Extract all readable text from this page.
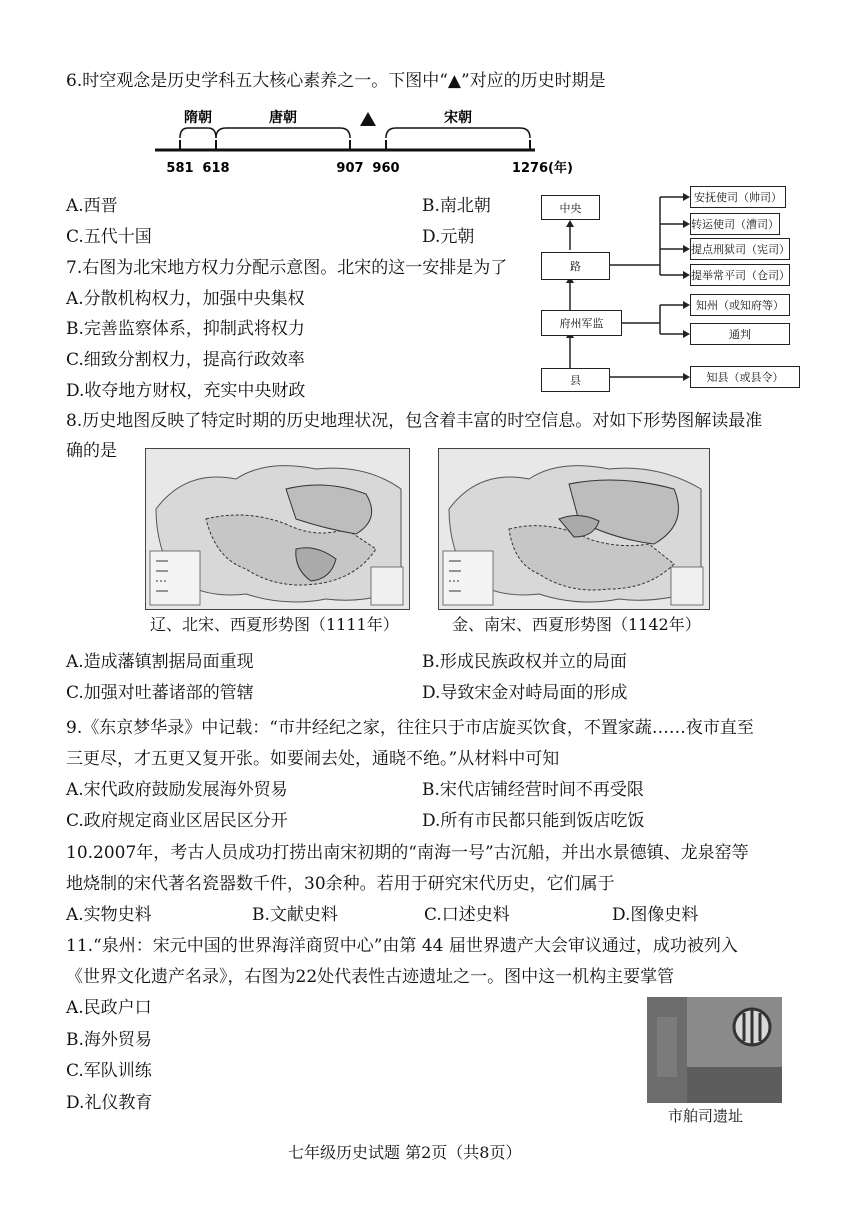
6.时空观念是历史学科五大核心素养之一。下图中“▲”对应的历史时期是
隋朝	唐朝	宋朝
581 618	907 960	1276 (年)
A.西晋	B.南北朝
C.五代十国	D.元朝
7.右图为北宋地方权力分配示意图。北宋的这一安排是为了
A.分散机构权力，加强中央集权
B.完善监察体系，抑制武将权力
C.细致分割权力，提高行政效率
D.收夺地方财权，充实中央财政
中央
路
府州军监
县
安抚使司（帅司）
转运使司（漕司）
提点刑狱司（宪司）
提举常平司（仓司）
知州（或知府等）
通判
知县（或县令）
8.历史地图反映了特定时期的历史地理状况，包含着丰富的时空信息。对如下形势图解读最准
确的是
辽、北宋、西夏形势图（1111年）	金、南宋、西夏形势图（1142年）
A.造成藩镇割据局面重现	B.形成民族政权并立的局面
C.加强对吐蕃诸部的管辖	D.导致宋金对峙局面的形成
9.《东京梦华录》中记载：“市井经纪之家，往往只于市店旋买饮食，不置家蔬……夜市直至
三更尽，才五更又复开张。如要闹去处，通晓不绝。”从材料中可知
A.宋代政府鼓励发展海外贸易	B.宋代店铺经营时间不再受限
C.政府规定商业区居民区分开	D.所有市民都只能到饭店吃饭
10.2007年，考古人员成功打捞出南宋初期的“南海一号”古沉船，并出水景德镇、龙泉窑等
地烧制的宋代著名瓷器数千件，30余种。若用于研究宋代历史，它们属于
A.实物史料	B.文献史料	C.口述史料	D.图像史料
11.“泉州：宋元中国的世界海洋商贸中心”由第 44 届世界遗产大会审议通过，成功被列入
《世界文化遗产名录》，右图为22处代表性古迹遗址之一。图中这一机构主要掌管
A.民政户口
B.海外贸易
C.军队训练
D.礼仪教育
市舶司遗址
七年级历史试题 第2页（共8页）
